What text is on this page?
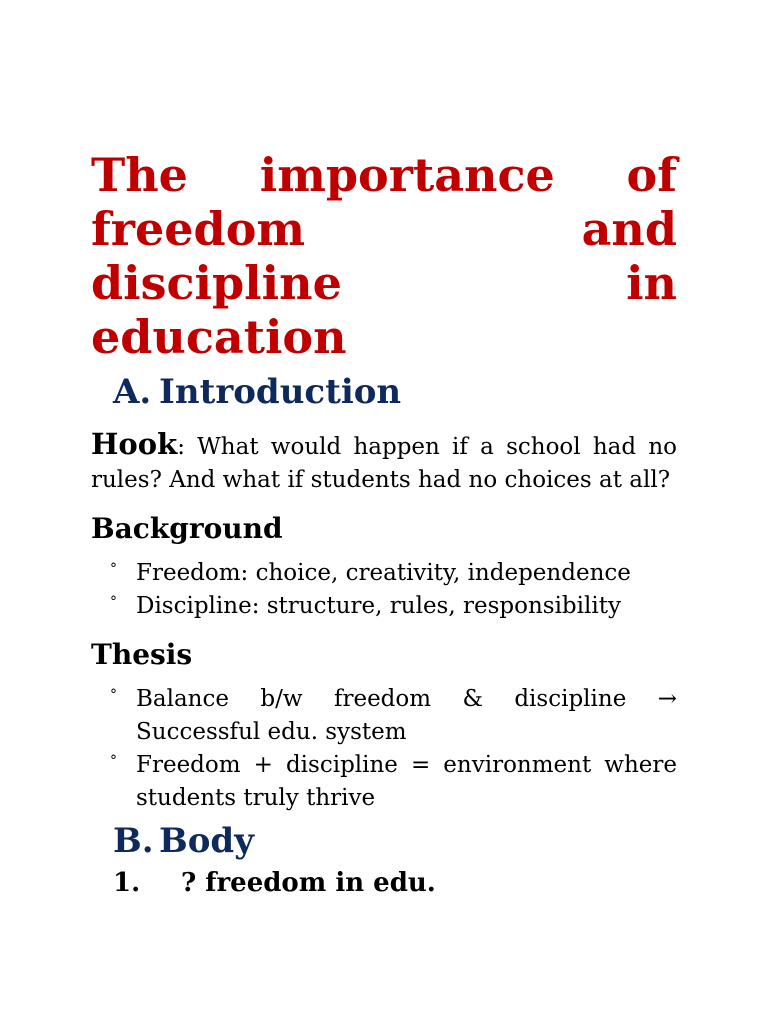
The importance of freedom and discipline in education
A. Introduction

Hook: What would happen if a school had no rules? And what if students had no choices at all?

Background
° Freedom: choice, creativity, independence
° Discipline: structure, rules, responsibility
Thesis
° Balance b/w freedom & discipline → Successful edu. system
° Freedom + discipline = environment where students truly thrive
B. Body
1.	? freedom in edu.
